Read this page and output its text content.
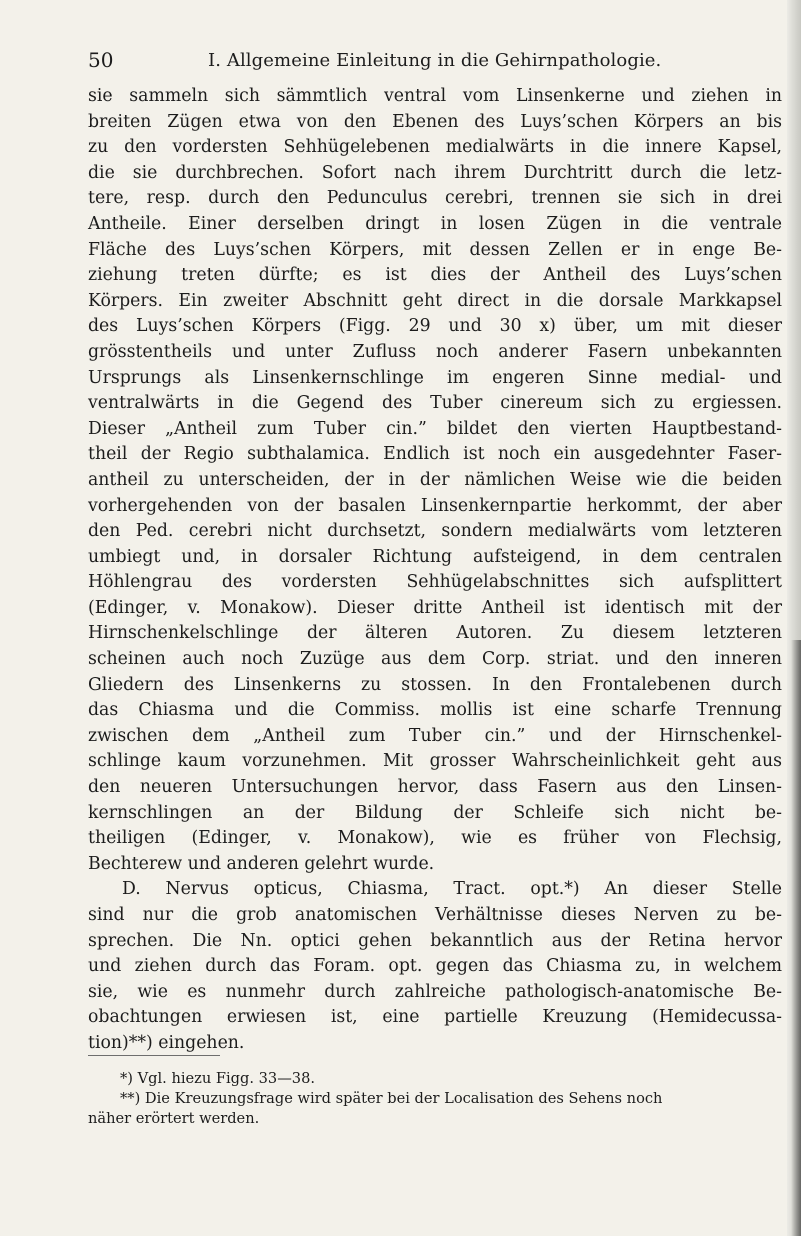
50	I. Allgemeine Einleitung in die Gehirnpathologie.
sie sammeln sich sämmtlich ventral vom Linsenkerne und ziehen in
breiten Zügen etwa von den Ebenen des Luys’schen Körpers an bis
zu den vordersten Sehhügelebenen medialwärts in die innere Kapsel,
die sie durchbrechen. Sofort nach ihrem Durchtritt durch die letz-
tere, resp. durch den Pedunculus cerebri, trennen sie sich in drei
Antheile. Einer derselben dringt in losen Zügen in die ventrale
Fläche des Luys’schen Körpers, mit dessen Zellen er in enge Be-
ziehung treten dürfte; es ist dies der Antheil des Luys’schen
Körpers. Ein zweiter Abschnitt geht direct in die dorsale Markkapsel
des Luys’schen Körpers (Figg. 29 und 30 x) über, um mit dieser
grösstentheils und unter Zufluss noch anderer Fasern unbekannten
Ursprungs als Linsenkernschlinge im engeren Sinne medial- und
ventralwärts in die Gegend des Tuber cinereum sich zu ergiessen.
Dieser „Antheil zum Tuber cin.” bildet den vierten Hauptbestand-
theil der Regio subthalamica. Endlich ist noch ein ausgedehnter Faser-
antheil zu unterscheiden, der in der nämlichen Weise wie die beiden
vorhergehenden von der basalen Linsenkernpartie herkommt, der aber
den Ped. cerebri nicht durchsetzt, sondern medialwärts vom letzteren
umbiegt und, in dorsaler Richtung aufsteigend, in dem centralen
Höhlengrau des vordersten Sehhügelabschnittes sich aufsplittert
(Edinger, v. Monakow). Dieser dritte Antheil ist identisch mit der
Hirnschenkelschlinge der älteren Autoren. Zu diesem letzteren
scheinen auch noch Zuzüge aus dem Corp. striat. und den inneren
Gliedern des Linsenkerns zu stossen. In den Frontalebenen durch
das Chiasma und die Commiss. mollis ist eine scharfe Trennung
zwischen dem „Antheil zum Tuber cin.” und der Hirnschenkel-
schlinge kaum vorzunehmen. Mit grosser Wahrscheinlichkeit geht aus
den neueren Untersuchungen hervor, dass Fasern aus den Linsen-
kernschlingen an der Bildung der Schleife sich nicht be-
theiligen (Edinger, v. Monakow), wie es früher von Flechsig,
Bechterew und anderen gelehrt wurde.
D. Nervus opticus, Chiasma, Tract. opt.*) An dieser Stelle
sind nur die grob anatomischen Verhältnisse dieses Nerven zu be-
sprechen. Die Nn. optici gehen bekanntlich aus der Retina hervor
und ziehen durch das Foram. opt. gegen das Chiasma zu, in welchem
sie, wie es nunmehr durch zahlreiche pathologisch-anatomische Be-
obachtungen erwiesen ist, eine partielle Kreuzung (Hemidecussa-
tion)**) eingehen.
*) Vgl. hiezu Figg. 33—38.
**) Die Kreuzungsfrage wird später bei der Localisation des Sehens noch
näher erörtert werden.
